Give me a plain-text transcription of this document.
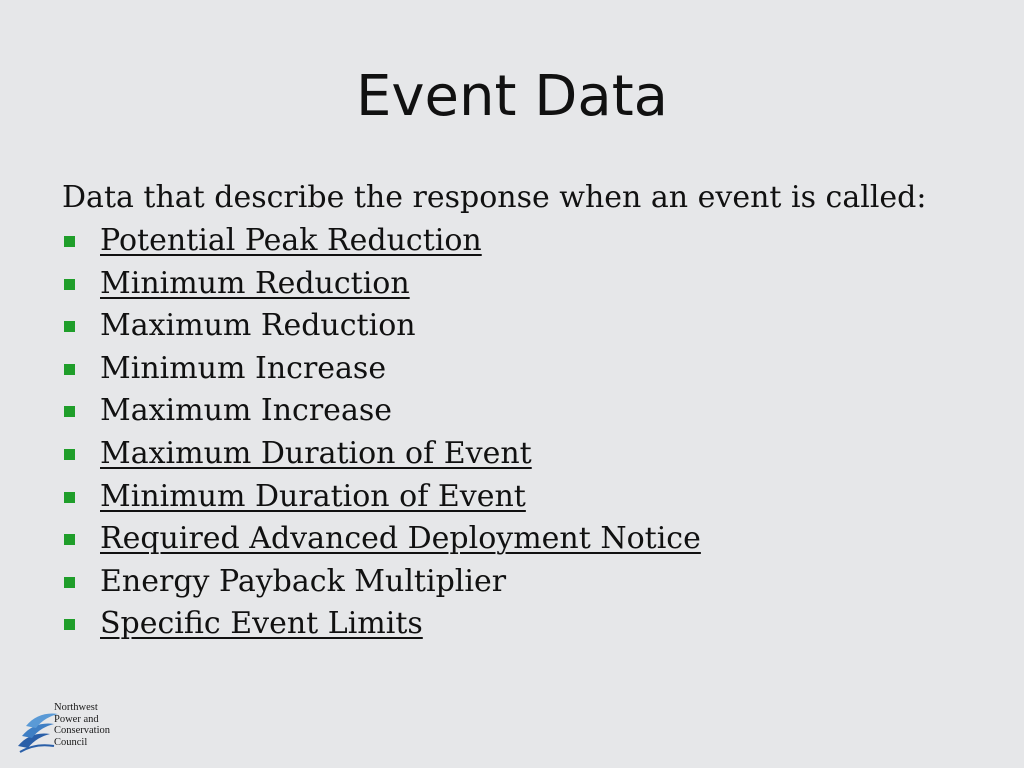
Event Data

Data that describe the response when an event is called:

Potential Peak Reduction
Minimum Reduction
Maximum Reduction
Minimum Increase
Maximum Increase
Maximum Duration of Event
Minimum Duration of Event
Required Advanced Deployment Notice
Energy Payback Multiplier
Specific Event Limits
Northwest
Power and
Conservation
Council
